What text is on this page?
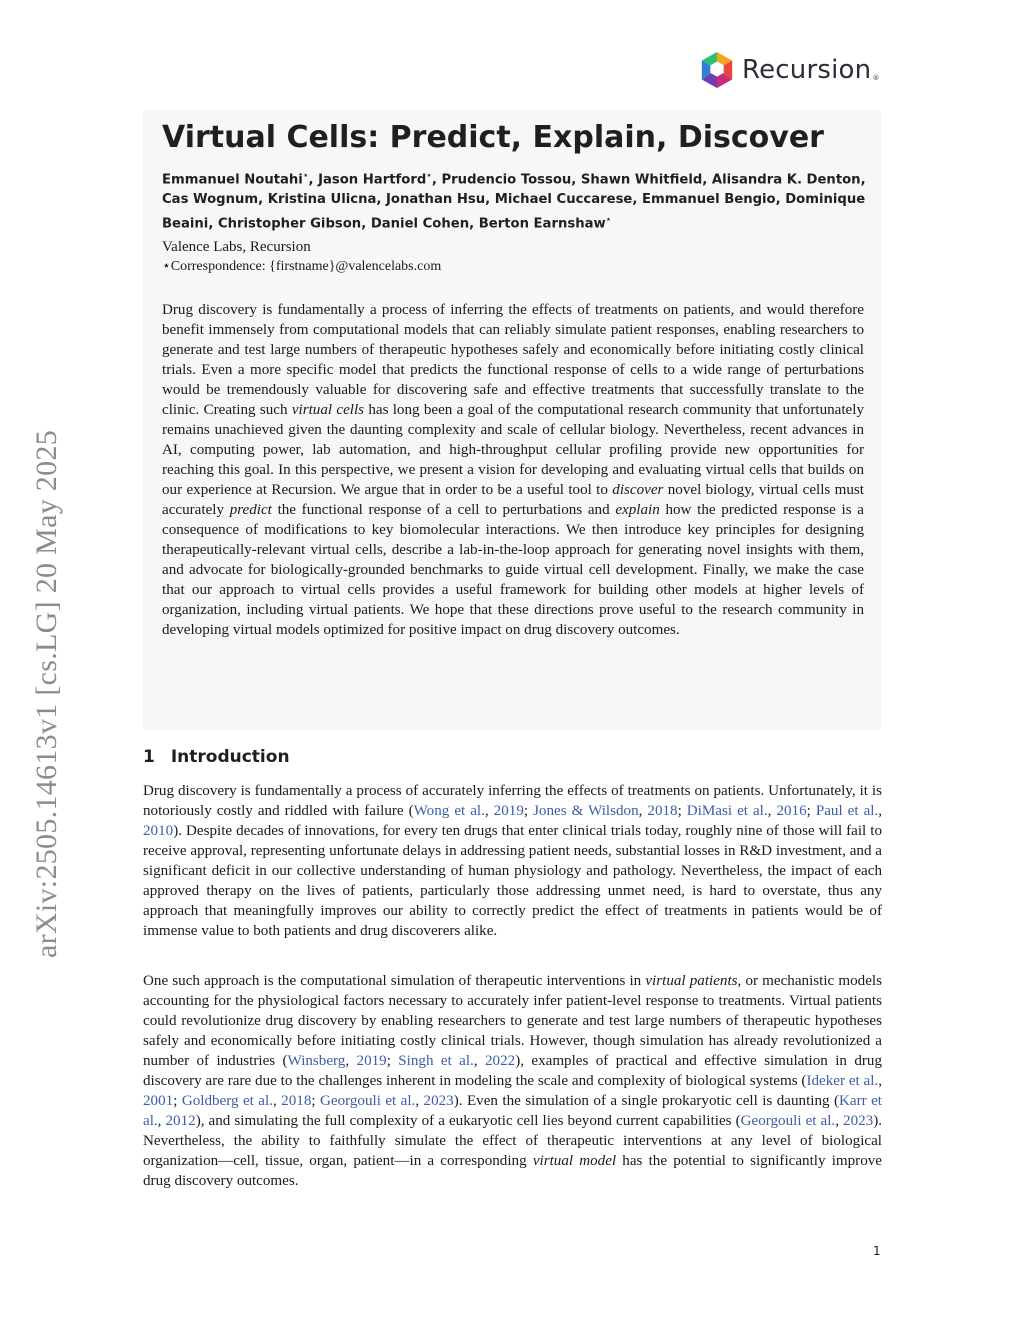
Recursion ®
arXiv:2505.14613v1 [cs.LG] 20 May 2025
Virtual Cells: Predict, Explain, Discover
Emmanuel Noutahi⋆, Jason Hartford⋆, Prudencio Tossou, Shawn Whitfield, Alisandra K. Denton, Cas Wognum, Kristina Ulicna, Jonathan Hsu, Michael Cuccarese, Emmanuel Bengio, Dominique Beaini, Christopher Gibson, Daniel Cohen, Berton Earnshaw⋆
Valence Labs, Recursion
⋆Correspondence: {firstname}@valencelabs.com

Drug discovery is fundamentally a process of inferring the effects of treatments on patients, and would therefore benefit immensely from computational models that can reliably simulate patient responses, enabling researchers to generate and test large numbers of therapeutic hypotheses safely and economically before initiating costly clinical trials. Even a more specific model that predicts the functional response of cells to a wide range of perturbations would be tremendously valuable for discovering safe and effective treatments that successfully translate to the clinic. Creating such virtual cells has long been a goal of the computational research community that unfortunately remains unachieved given the daunting complexity and scale of cellular biology. Nevertheless, recent advances in AI, computing power, lab automation, and high-throughput cellular profiling provide new opportunities for reaching this goal. In this perspective, we present a vision for developing and evaluating virtual cells that builds on our experience at Recursion. We argue that in order to be a useful tool to discover novel biology, virtual cells must accurately predict the functional response of a cell to perturbations and explain how the predicted response is a consequence of modifications to key biomolecular interactions. We then introduce key principles for designing therapeutically-relevant virtual cells, describe a lab-in-the-loop approach for generating novel insights with them, and advocate for biologically-grounded benchmarks to guide virtual cell development. Finally, we make the case that our approach to virtual cells provides a useful framework for building other models at higher levels of organization, including virtual patients. We hope that these directions prove useful to the research community in developing virtual models optimized for positive impact on drug discovery outcomes.

1 Introduction

Drug discovery is fundamentally a process of accurately inferring the effects of treatments on patients. Unfortunately, it is notoriously costly and riddled with failure (Wong et al., 2019; Jones & Wilsdon, 2018; DiMasi et al., 2016; Paul et al., 2010). Despite decades of innovations, for every ten drugs that enter clinical trials today, roughly nine of those will fail to receive approval, representing unfortunate delays in addressing patient needs, substantial losses in R&D investment, and a significant deficit in our collective understanding of human physiology and pathology. Nevertheless, the impact of each approved therapy on the lives of patients, particularly those addressing unmet need, is hard to overstate, thus any approach that meaningfully improves our ability to correctly predict the effect of treatments in patients would be of immense value to both patients and drug discoverers alike.

One such approach is the computational simulation of therapeutic interventions in virtual patients, or mechanistic models accounting for the physiological factors necessary to accurately infer patient-level response to treatments. Virtual patients could revolutionize drug discovery by enabling researchers to generate and test large numbers of therapeutic hypotheses safely and economically before initiating costly clinical trials. However, though simulation has already revolutionized a number of industries (Winsberg, 2019; Singh et al., 2022), examples of practical and effective simulation in drug discovery are rare due to the challenges inherent in modeling the scale and complexity of biological systems (Ideker et al., 2001; Goldberg et al., 2018; Georgouli et al., 2023). Even the simulation of a single prokaryotic cell is daunting (Karr et al., 2012), and simulating the full complexity of a eukaryotic cell lies beyond current capabilities (Georgouli et al., 2023). Nevertheless, the ability to faithfully simulate the effect of therapeutic interventions at any level of biological organization—cell, tissue, organ, patient—in a corresponding virtual model has the potential to significantly improve drug discovery outcomes.

1
